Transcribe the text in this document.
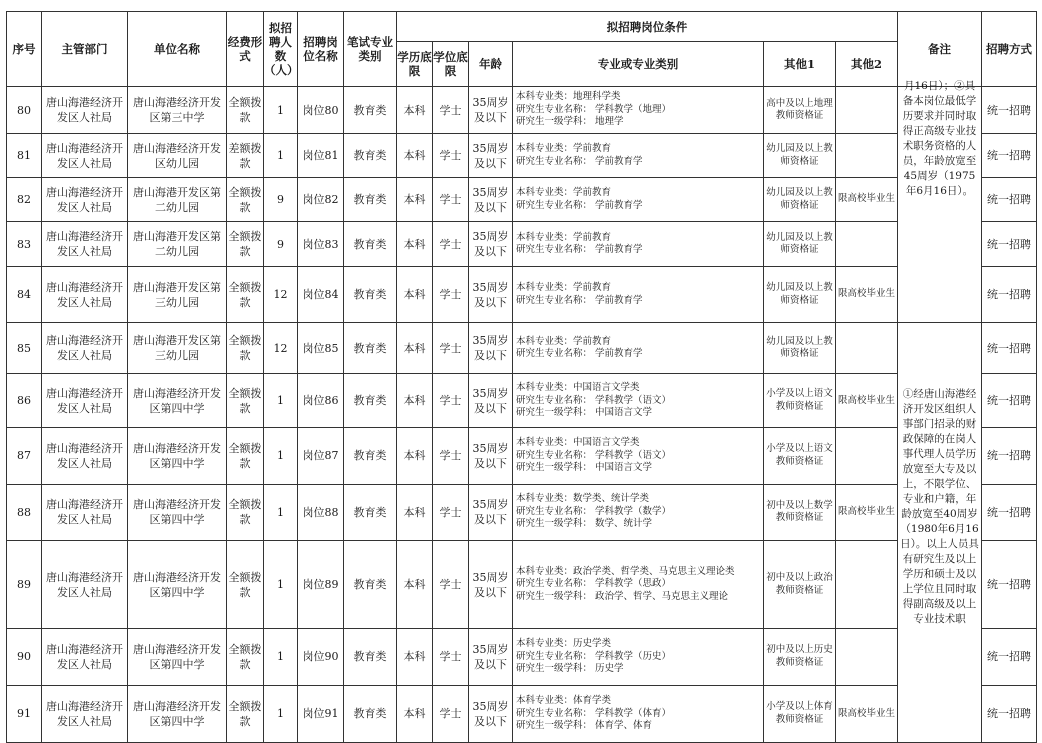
序号	主管部门	单位名称	经费形式	拟招聘人数（人）	招聘岗位名称	笔试专业类别	拟招聘岗位条件						备注	招聘方式
							学历底限	学位底限	年龄	专业或专业类别	其他1	其他2		
80	唐山海港经济开发区人社局	唐山海港经济开发区第三中学	全额拨款	1	岗位80	教育类	本科	学士	35周岁及以下	本科专业类：地理科学类
研究生专业名称： 学科教学（地理）
研究生一级学科： 地理学	高中及以上地理教师资格证		月16日）；②具备本岗位最低学历要求并同时取得正高级专业技术职务资格的人员，年龄放宽至45周岁（1975年6月16日）。	统一招聘
81	唐山海港经济开发区人社局	唐山海港经济开发区幼儿园	差额拨款	1	岗位81	教育类	本科	学士	35周岁及以下	本科专业类：学前教育
研究生专业名称： 学前教育学	幼儿园及以上教师资格证			统一招聘
82	唐山海港经济开发区人社局	唐山海港开发区第二幼儿园	全额拨款	9	岗位82	教育类	本科	学士	35周岁及以下	本科专业类：学前教育
研究生专业名称： 学前教育学	幼儿园及以上教师资格证	限高校毕业生		统一招聘
83	唐山海港经济开发区人社局	唐山海港开发区第二幼儿园	全额拨款	9	岗位83	教育类	本科	学士	35周岁及以下	本科专业类：学前教育
研究生专业名称： 学前教育学	幼儿园及以上教师资格证			统一招聘
84	唐山海港经济开发区人社局	唐山海港开发区第三幼儿园	全额拨款	12	岗位84	教育类	本科	学士	35周岁及以下	本科专业类：学前教育
研究生专业名称： 学前教育学	幼儿园及以上教师资格证	限高校毕业生		统一招聘
85	唐山海港经济开发区人社局	唐山海港开发区第三幼儿园	全额拨款	12	岗位85	教育类	本科	学士	35周岁及以下	本科专业类：学前教育
研究生专业名称： 学前教育学	幼儿园及以上教师资格证		①经唐山海港经济开发区组织人事部门招录的财政保障的在岗人事代理人员学历放宽至大专及以上，不限学位、专业和户籍，年龄放宽至40周岁（1980年6月16日）。以上人员具有研究生及以上学历和硕士及以上学位且同时取得副高级及以上专业技术职	统一招聘
86	唐山海港经济开发区人社局	唐山海港经济开发区第四中学	全额拨款	1	岗位86	教育类	本科	学士	35周岁及以下	本科专业类：中国语言文学类
研究生专业名称： 学科教学（语文）
研究生一级学科： 中国语言文学	小学及以上语文教师资格证	限高校毕业生		统一招聘
87	唐山海港经济开发区人社局	唐山海港经济开发区第四中学	全额拨款	1	岗位87	教育类	本科	学士	35周岁及以下	本科专业类：中国语言文学类
研究生专业名称： 学科教学（语文）
研究生一级学科： 中国语言文学	小学及以上语文教师资格证			统一招聘
88	唐山海港经济开发区人社局	唐山海港经济开发区第四中学	全额拨款	1	岗位88	教育类	本科	学士	35周岁及以下	本科专业类：数学类、统计学类
研究生专业名称： 学科教学（数学）
研究生一级学科： 数学、统计学	初中及以上数学教师资格证	限高校毕业生		统一招聘
89	唐山海港经济开发区人社局	唐山海港经济开发区第四中学	全额拨款	1	岗位89	教育类	本科	学士	35周岁及以下	本科专业类：政治学类、哲学类、马克思主义理论类
研究生专业名称： 学科教学（思政）
研究生一级学科： 政治学、哲学、马克思主义理论	初中及以上政治教师资格证			统一招聘
90	唐山海港经济开发区人社局	唐山海港经济开发区第四中学	全额拨款	1	岗位90	教育类	本科	学士	35周岁及以下	本科专业类：历史学类
研究生专业名称： 学科教学（历史）
研究生一级学科： 历史学	初中及以上历史教师资格证			统一招聘
91	唐山海港经济开发区人社局	唐山海港经济开发区第四中学	全额拨款	1	岗位91	教育类	本科	学士	35周岁及以下	本科专业类：体育学类
研究生专业名称： 学科教学（体育）
研究生一级学科： 体育学、体育	小学及以上体育教师资格证	限高校毕业生		统一招聘
